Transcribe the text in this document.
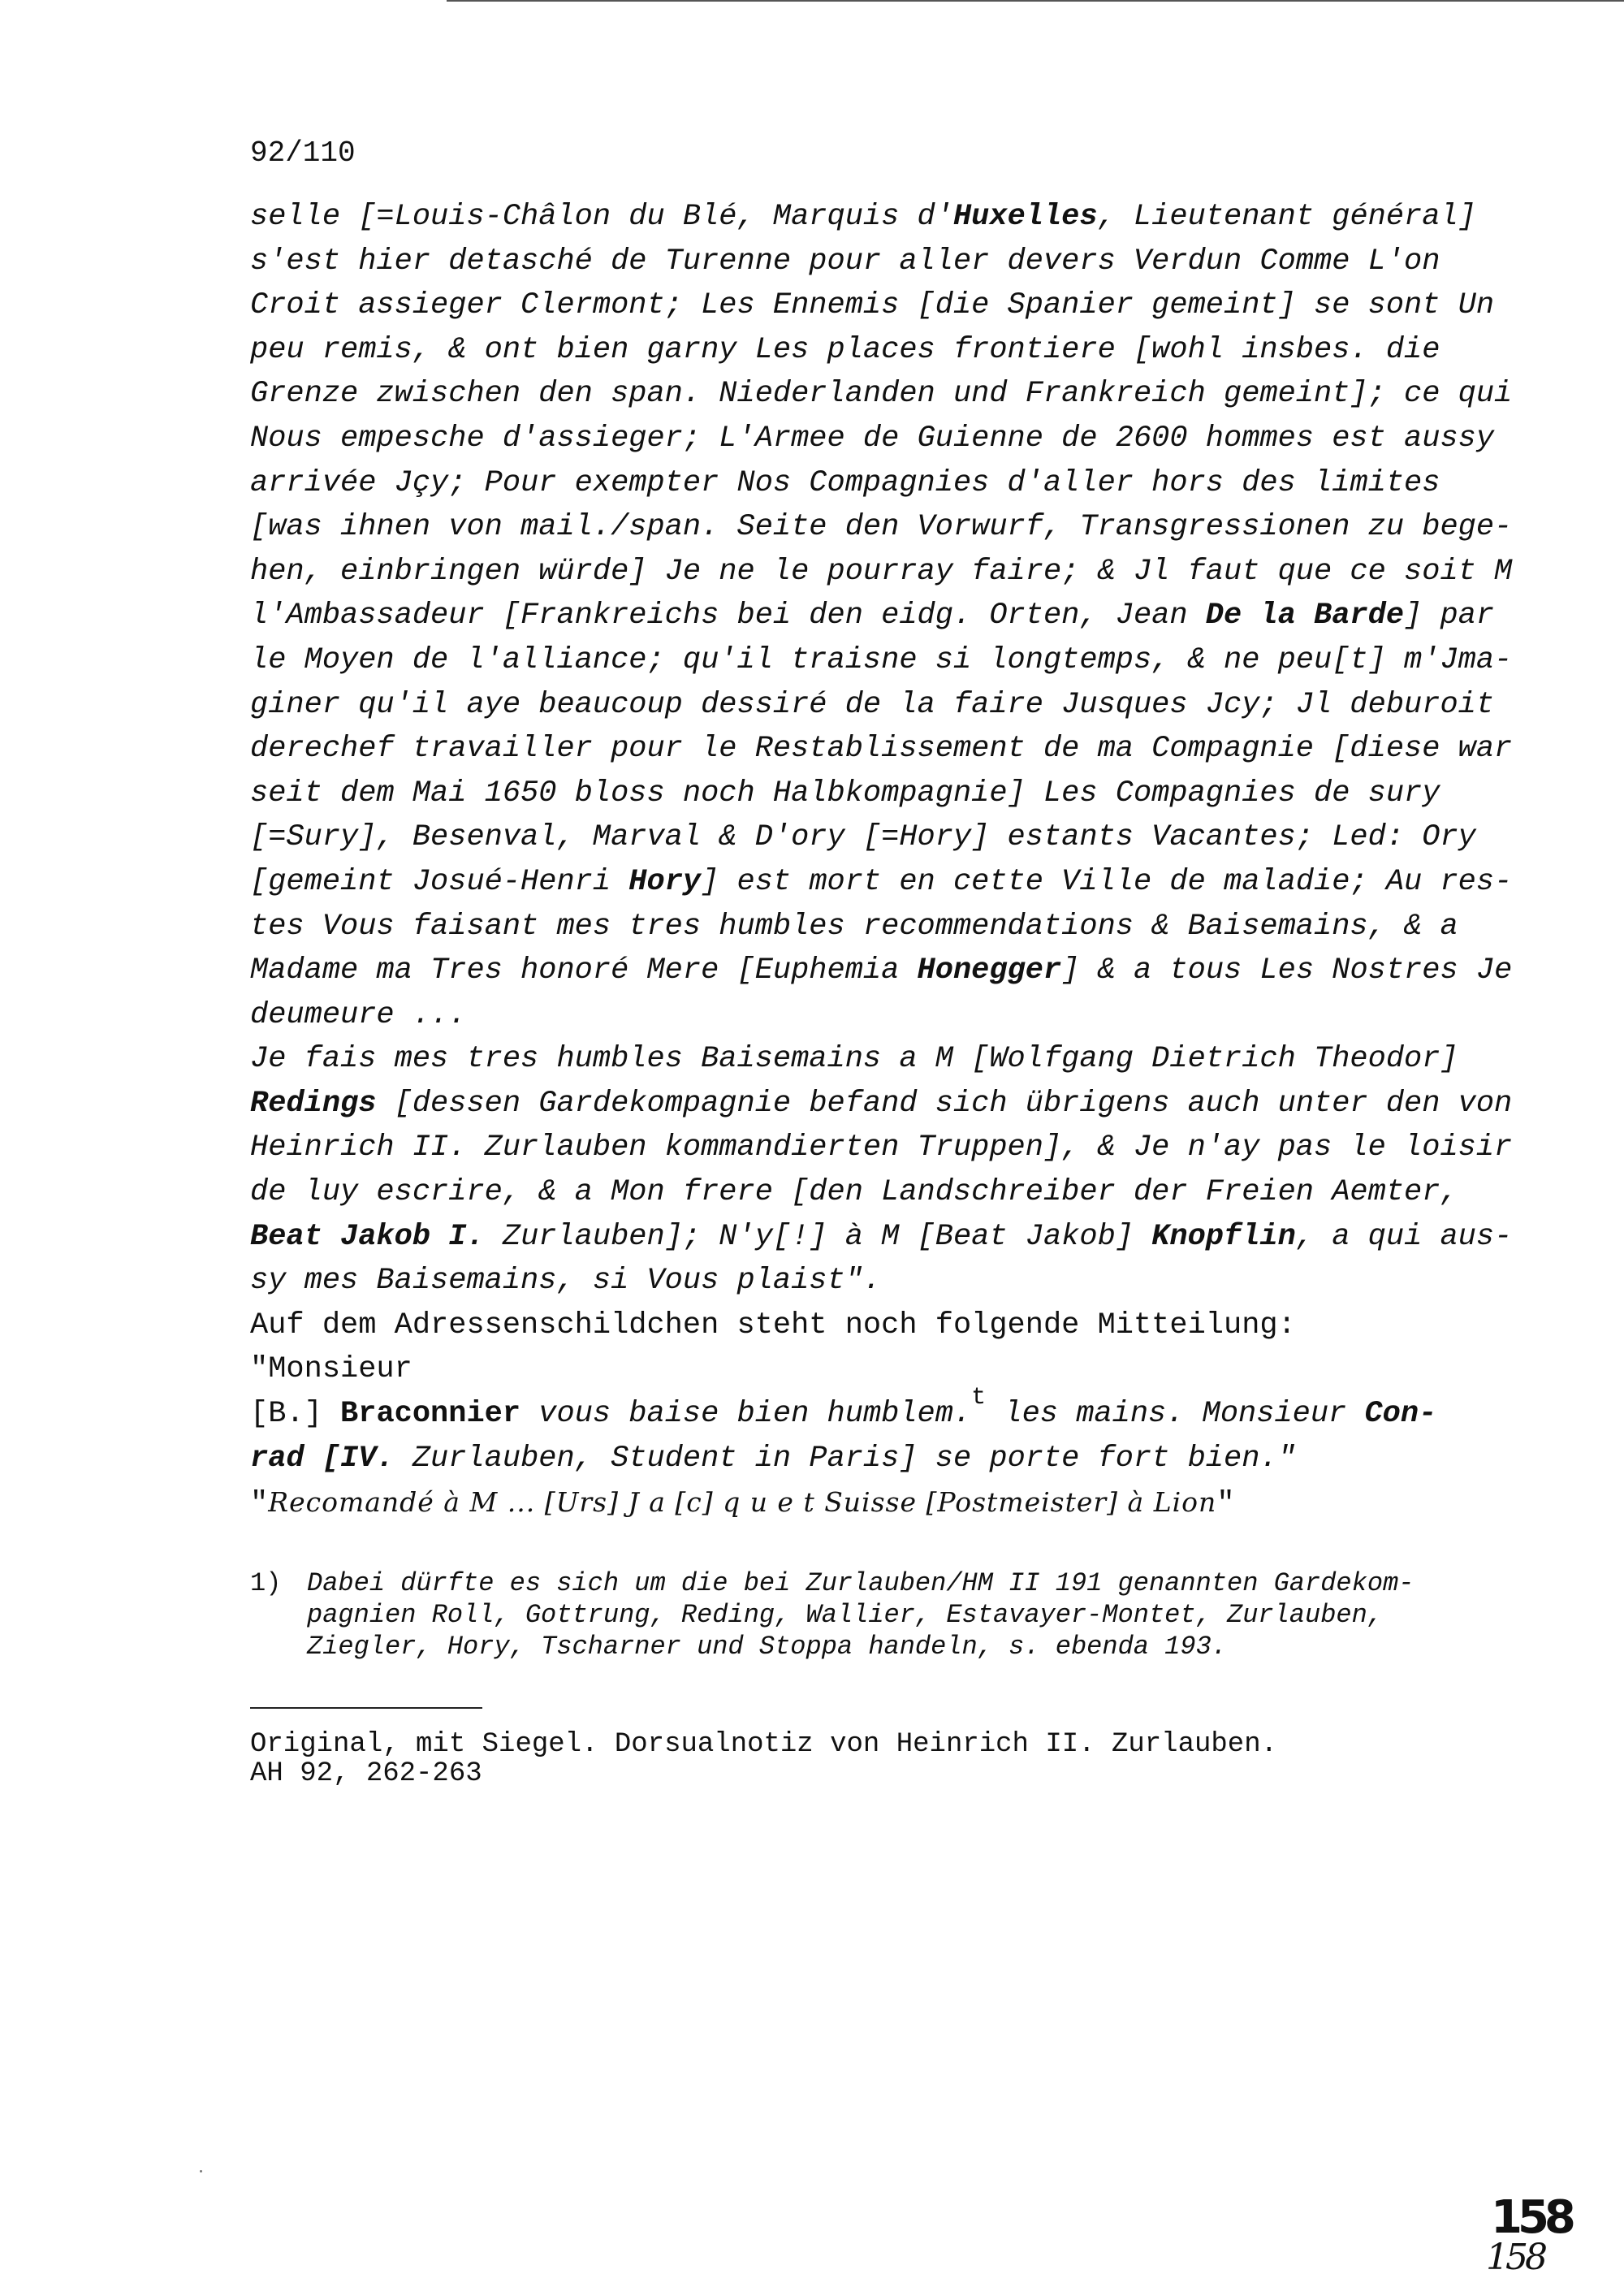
92/110
selle [=Louis-Châlon du Blé, Marquis d'Huxelles, Lieutenant général]
s'est hier detasché de Turenne pour aller devers Verdun Comme L'on
Croit assieger Clermont; Les Ennemis [die Spanier gemeint] se sont Un
peu remis, & ont bien garny Les places frontiere [wohl insbes. die
Grenze zwischen den span. Niederlanden und Frankreich gemeint]; ce qui
Nous empesche d'assieger; L'Armee de Guienne de 2600 hommes est aussy
arrivée Jçy; Pour exempter Nos Compagnies d'aller hors des limites
[was ihnen von mail./span. Seite den Vorwurf, Transgressionen zu bege-
hen, einbringen würde] Je ne le pourray faire; & Jl faut que ce soit M
l'Ambassadeur [Frankreichs bei den eidg. Orten, Jean De la Barde] par
le Moyen de l'alliance; qu'il traisne si longtemps, & ne peu[t] m'Jma-
giner qu'il aye beaucoup dessiré de la faire Jusques Jcy; Jl deburoit
derechef travailler pour le Restablissement de ma Compagnie [diese war
seit dem Mai 1650 bloss noch Halbkompagnie] Les Compagnies de sury
[=Sury], Besenval, Marval & D'ory [=Hory] estants Vacantes; Led: Ory
[gemeint Josué-Henri Hory] est mort en cette Ville de maladie; Au res-
tes Vous faisant mes tres humbles recommendations & Baisemains, & a
Madame ma Tres honoré Mere [Euphemia Honegger] & a tous Les Nostres Je
deumeure ...
Je fais mes tres humbles Baisemains a M [Wolfgang Dietrich Theodor]
Redings [dessen Gardekompagnie befand sich übrigens auch unter den von
Heinrich II. Zurlauben kommandierten Truppen], & Je n'ay pas le loisir
de luy escrire, & a Mon frere [den Landschreiber der Freien Aemter,
Beat Jakob I. Zurlauben]; N'y[!] à M [Beat Jakob] Knopflin, a qui aus-
sy mes Baisemains, si Vous plaist".
Auf dem Adressenschildchen steht noch folgende Mitteilung:
"Monsieur
[B.] Braconnier vous baise bien humblem.$^t$ les mains. Monsieur Con-
rad [IV. Zurlauben, Student in Paris] se porte fort bien."
"Recomandé à M ... [Urs] J a [c] q u e t Suisse [Postmeister] à Lion"
1) Dabei dürfte es sich um die bei Zurlauben/HM II 191 genannten Gardekom-
pagnien Roll, Gottrung, Reding, Wallier, Estavayer-Montet, Zurlauben,
Ziegler, Hory, Tscharner und Stoppa handeln, s. ebenda 193.
Original, mit Siegel. Dorsualnotiz von Heinrich II. Zurlauben.
AH 92, 262-263
158
158
